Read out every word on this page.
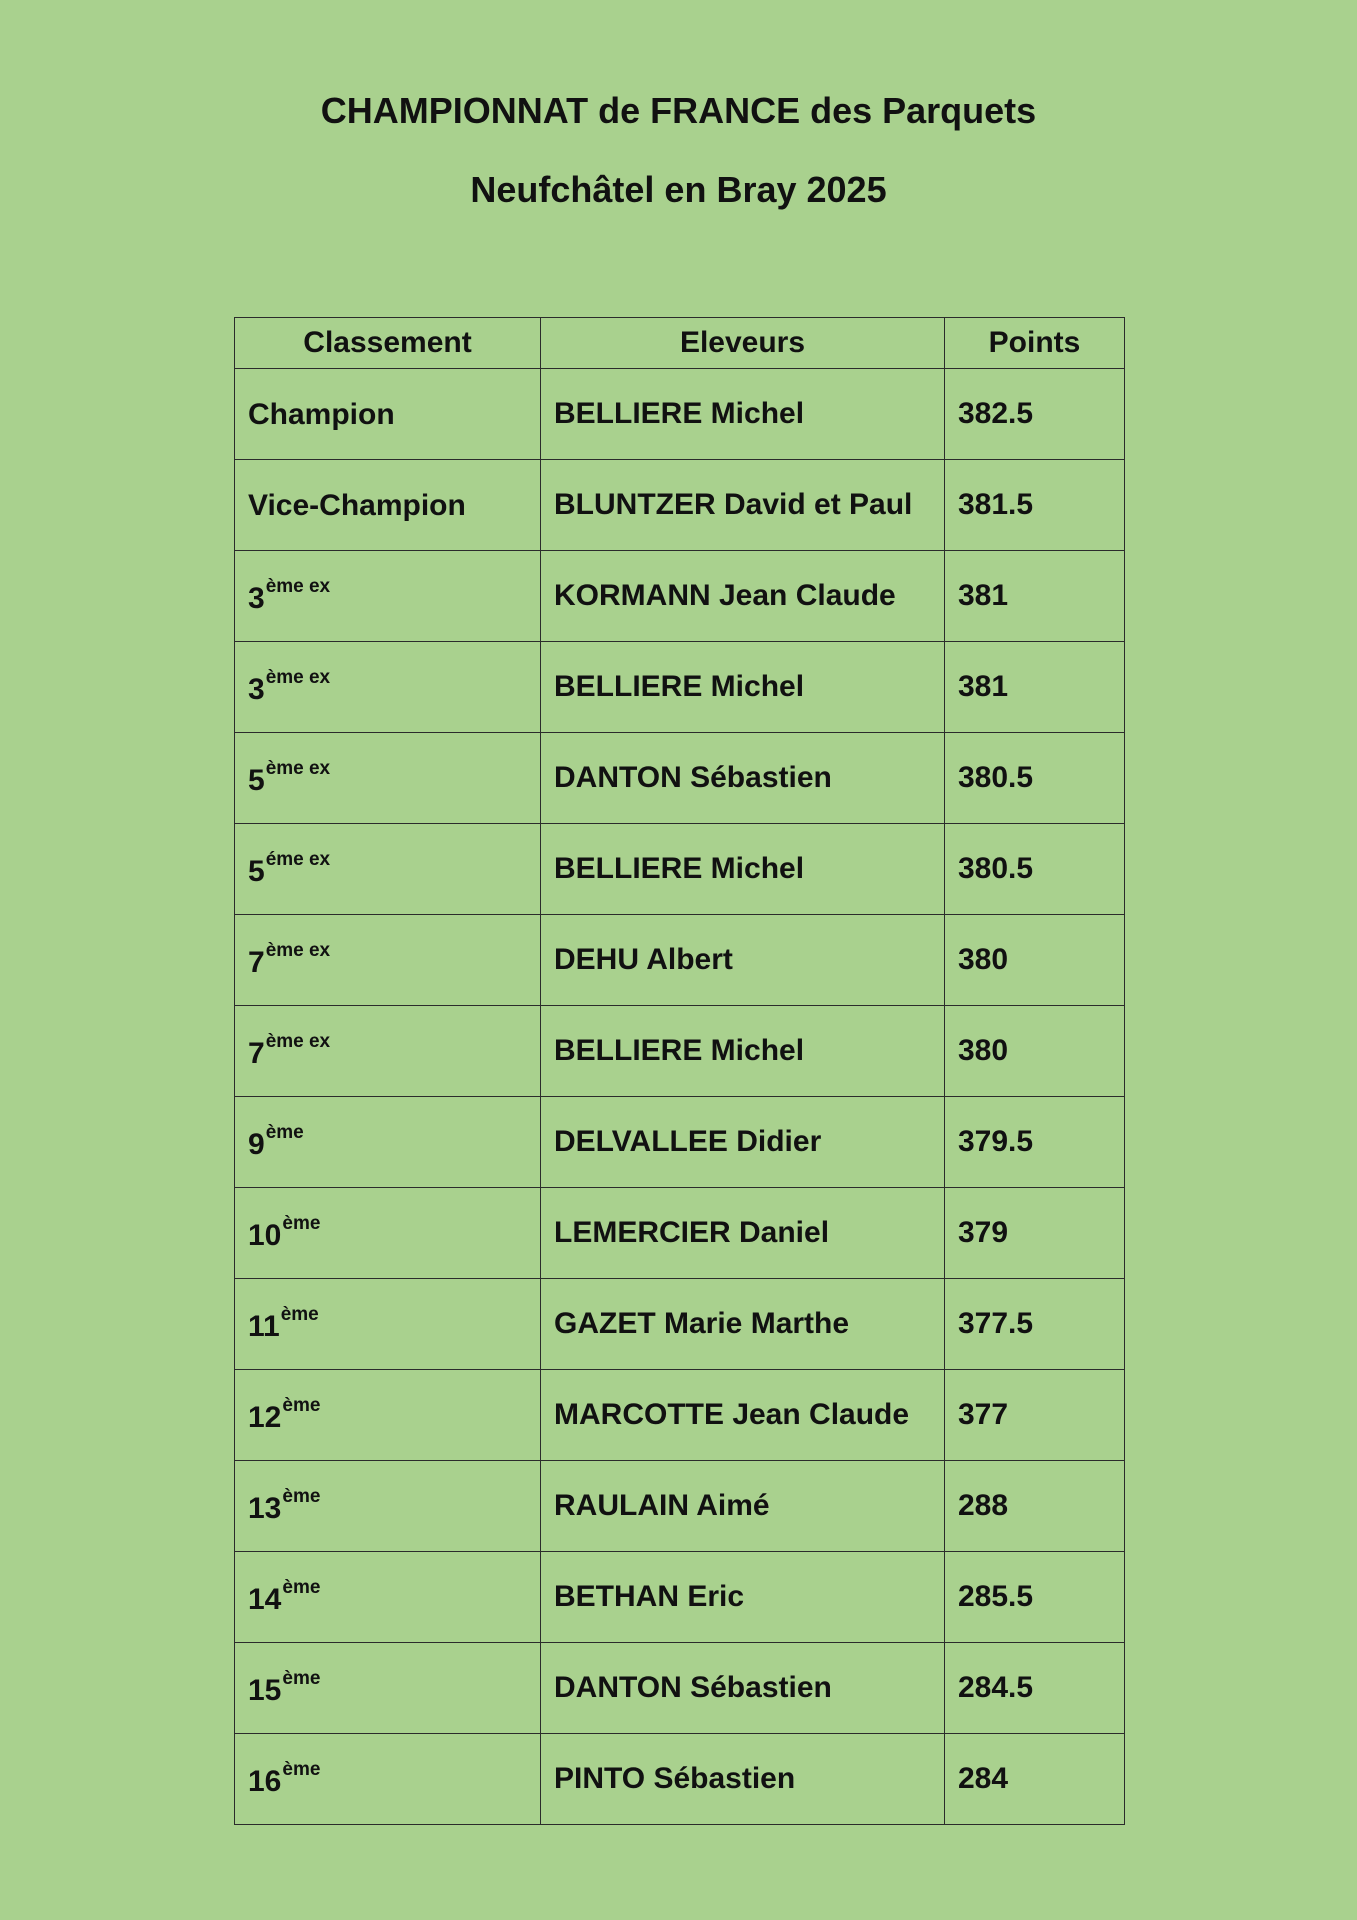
CHAMPIONNAT de FRANCE des Parquets
Neufchâtel en Bray 2025
Classement	Eleveurs	Points
Champion	BELLIERE Michel	382.5
Vice-Champion	BLUNTZER David et Paul	381.5
$3^{ème ex}$	KORMANN Jean Claude	381
$3^{ème ex}$	BELLIERE Michel	381
$5^{ème ex}$	DANTON Sébastien	380.5
$5^{éme ex}$	BELLIERE Michel	380.5
$7^{ème ex}$	DEHU Albert	380
$7^{ème ex}$	BELLIERE Michel	380
9ème	DELVALLEE Didier	379.5
10ème	LEMERCIER Daniel	379
11ème	GAZET Marie Marthe	377.5
12ème	MARCOTTE Jean Claude	377
13ème	RAULAIN Aimé	288
14ème	BETHAN Eric	285.5
15ème	DANTON Sébastien	284.5
16ème	PINTO Sébastien	284
